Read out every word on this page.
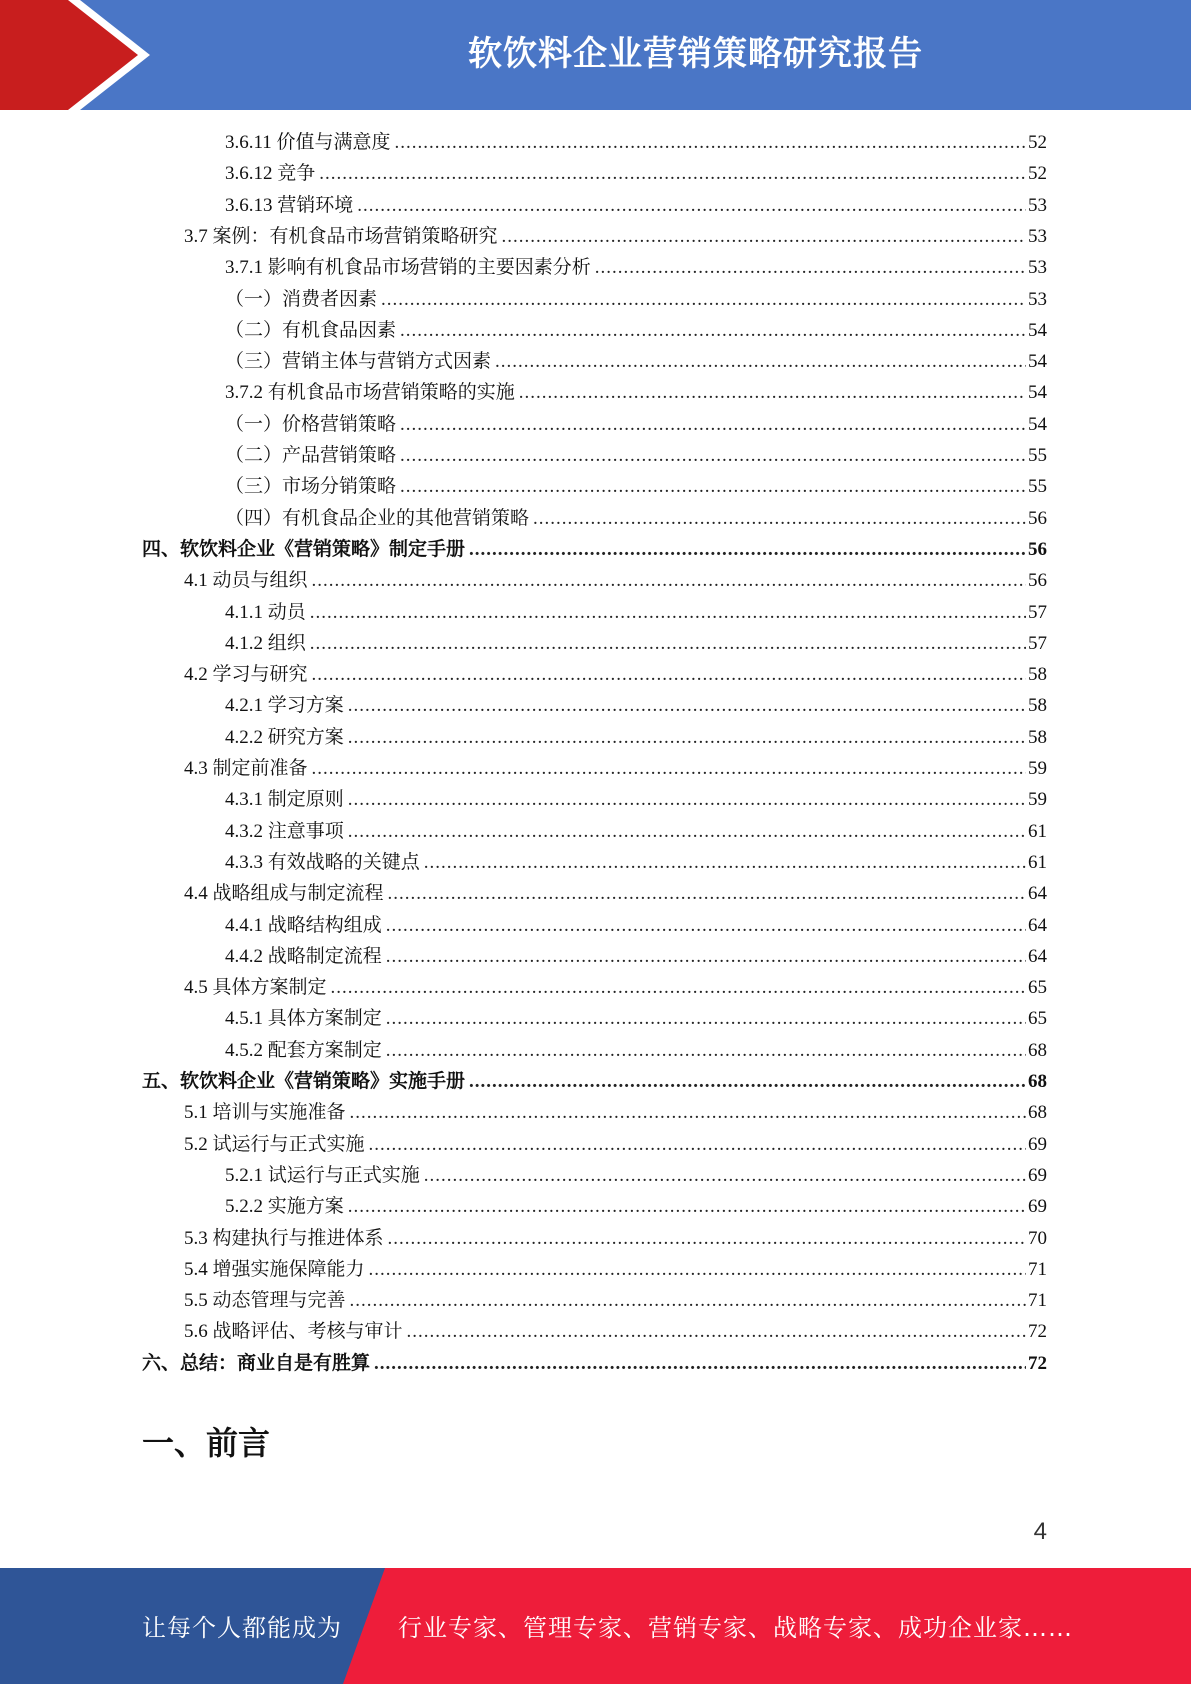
软饮料企业营销策略研究报告
3.6.11 价值与满意度 .....	52
3.6.12 竞争 .....	52
3.6.13 营销环境 .....	53
3.7 案例：有机食品市场营销策略研究 .....	53
3.7.1 影响有机食品市场营销的主要因素分析 .....	53
（一）消费者因素 .....	53
（二）有机食品因素 .....	54
（三）营销主体与营销方式因素 .....	54
3.7.2 有机食品市场营销策略的实施 .....	54
（一）价格营销策略 .....	54
（二）产品营销策略 .....	55
（三）市场分销策略 .....	55
（四）有机食品企业的其他营销策略 .....	56
四、软饮料企业《营销策略》制定手册 .....	56
4.1 动员与组织 .....	56
4.1.1 动员 .....	57
4.1.2 组织 .....	57
4.2 学习与研究 .....	58
4.2.1 学习方案 .....	58
4.2.2 研究方案 .....	58
4.3 制定前准备 .....	59
4.3.1 制定原则 .....	59
4.3.2 注意事项 .....	61
4.3.3 有效战略的关键点 .....	61
4.4 战略组成与制定流程 .....	64
4.4.1 战略结构组成 .....	64
4.4.2 战略制定流程 .....	64
4.5 具体方案制定 .....	65
4.5.1 具体方案制定 .....	65
4.5.2 配套方案制定 .....	68
五、软饮料企业《营销策略》实施手册 .....	68
5.1 培训与实施准备 .....	68
5.2 试运行与正式实施 .....	69
5.2.1 试运行与正式实施 .....	69
5.2.2 实施方案 .....	69
5.3 构建执行与推进体系 .....	70
5.4 增强实施保障能力 .....	71
5.5 动态管理与完善 .....	71
5.6 战略评估、考核与审计 .....	72
六、总结：商业自是有胜算 .....	72
一、前言
4
让每个人都能成为 行业专家、管理专家、营销专家、战略专家、成功企业家……
